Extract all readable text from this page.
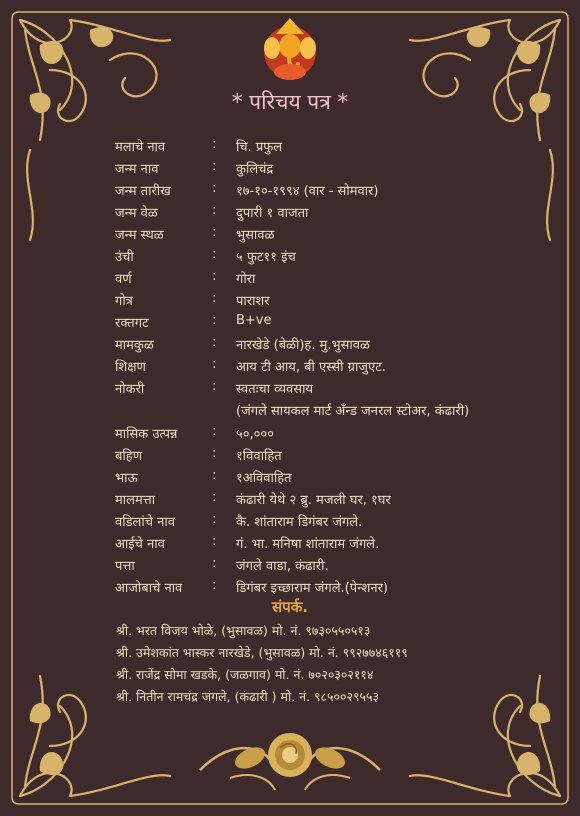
* परिचय पत्र *
मलाचे नाव	: चि. प्रफुल
जन्म नाव	: कुलिचंद्र
जन्म तारीख	: १७-१०-१९९४ (वार - सोमवार)
जन्म वेळ	: दुपारी १ वाजता
जन्म स्थळ	: भुसावळ
उंची	: ५ फुट११ इंच
वर्ण	: गोरा
गोत्र	: पाराशर
रक्तगट	: B+ve
मामकुळ	: नारखेडे (बेळी)ह. मु.भुसावळ
शिक्षण	: आय टी आय, बी एस्सी ग्राजुएट.
नोकरी	: स्वतःचा व्यवसाय
(जंगले सायकल मार्ट अँन्ड जनरल स्टोअर, कंढारी)
मासिक उत्पन्न	: ५०,०००
बहिण	: १विवाहित
भाऊ	: १अविवाहित
मालमत्ता	: कंढारी येथे २ ब्रु. मजली घर, १घर
वडिलांचे नाव	: कै. शांताराम डिगंबर जंगले.
आईचे नाव	: गं. भा. मनिषा शांताराम जंगले.
पत्ता	: जंगले वाडा, कंढारी.
आजोबाचे नाव : डिगंबर इच्छाराम जंगले.(पेन्शनर)
संपर्क.
श्री. भरत विजय भोळे, (भुसावळ) मो. नं. ९७३०५५०५१३
श्री. उमेशकांत भास्कर नारखेडे, (भुसावळ) मो. नं. ९९२७७४६११९
श्री. राजेंद्र सोमा खडके, (जळगाव) मो. नं. ७०२०३०२११४
श्री. नितीन रामचंद्र जंगले, (कंढारी ) मो. नं. ९८५००२९५५३
